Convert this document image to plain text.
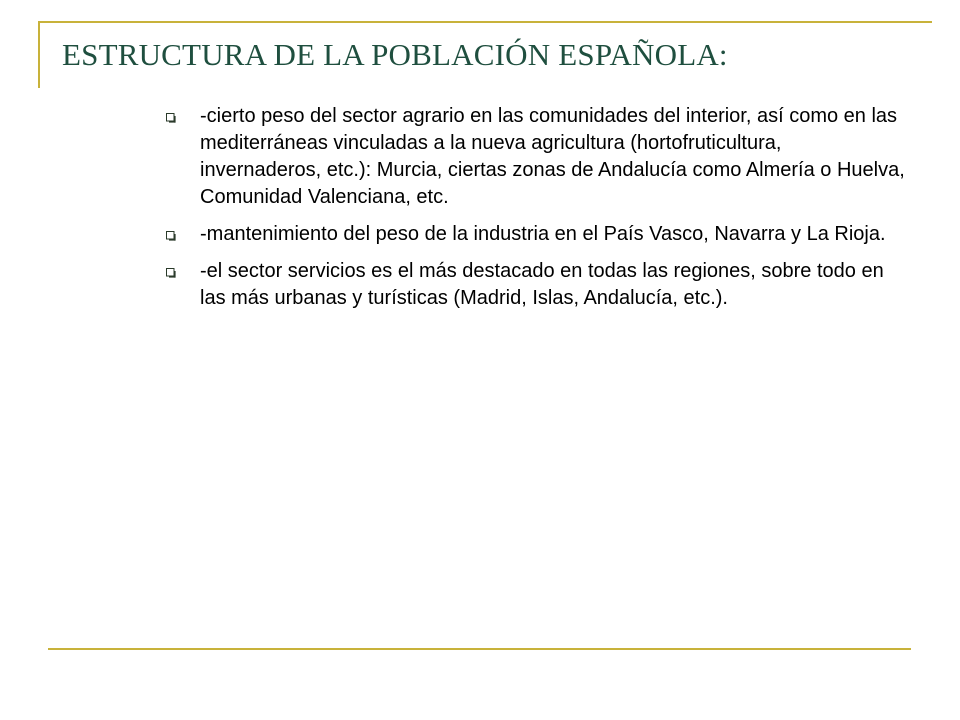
ESTRUCTURA DE LA POBLACIÓN ESPAÑOLA:
-cierto peso del sector agrario en las comunidades del interior, así como en las mediterráneas vinculadas a la nueva agricultura (hortofruticultura, invernaderos, etc.): Murcia, ciertas zonas de Andalucía como Almería o Huelva, Comunidad Valenciana, etc.
-mantenimiento del peso de la industria en el País Vasco, Navarra y La Rioja.
-el sector servicios es el más destacado en todas las regiones, sobre todo en las más urbanas y turísticas (Madrid, Islas, Andalucía, etc.).
